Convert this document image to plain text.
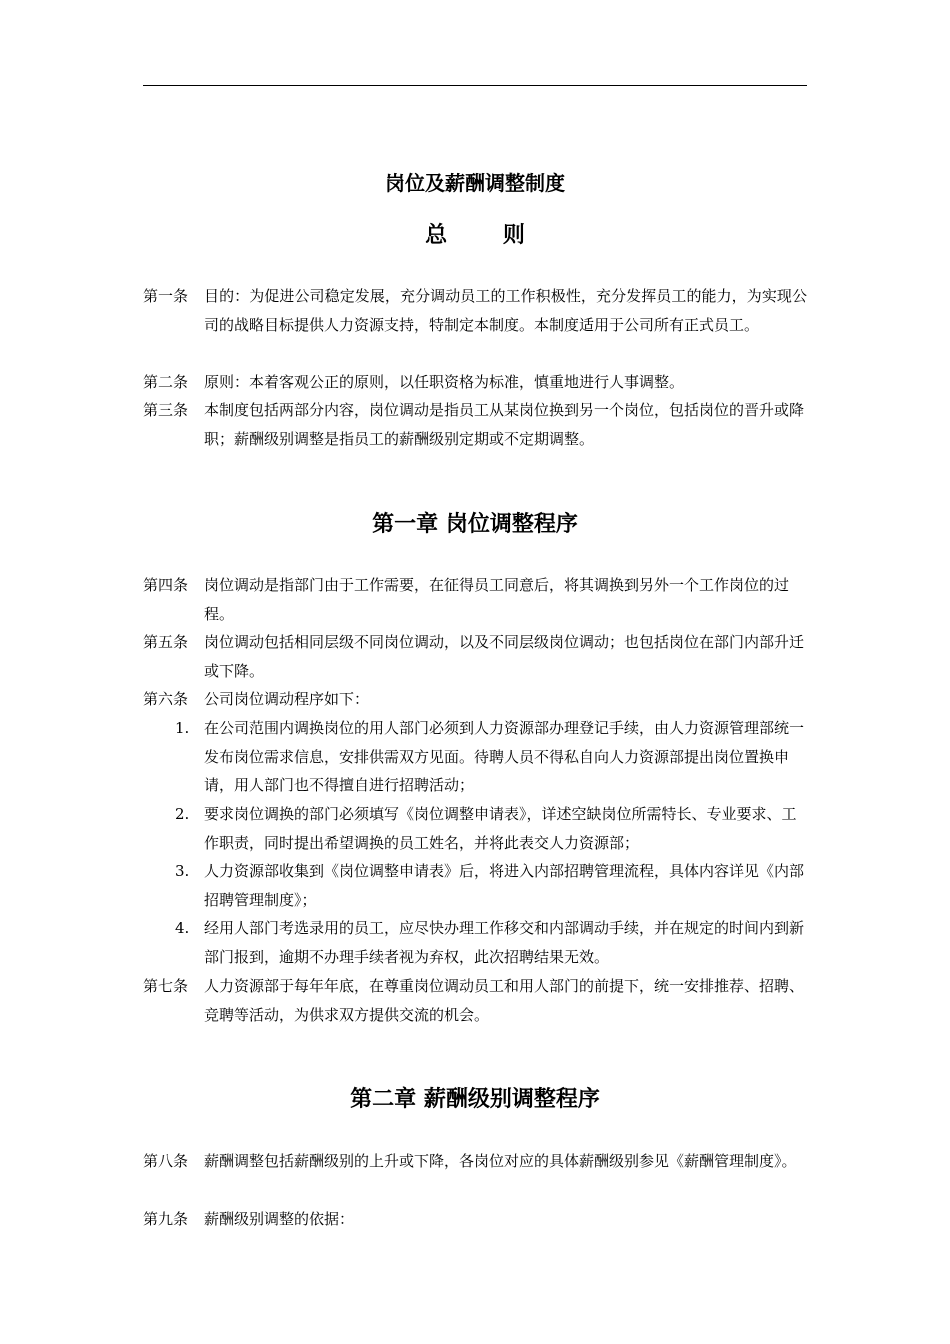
岗位及薪酬调整制度
总 则
第一条 目的：为促进公司稳定发展，充分调动员工的工作积极性，充分发挥员工的能力，为实现公司的战略目标提供人力资源支持，特制定本制度。本制度适用于公司所有正式员工。
第二条 原则：本着客观公正的原则，以任职资格为标准，慎重地进行人事调整。
第三条 本制度包括两部分内容，岗位调动是指员工从某岗位换到另一个岗位，包括岗位的晋升或降职；薪酬级别调整是指员工的薪酬级别定期或不定期调整。
第一章 岗位调整程序
第四条 岗位调动是指部门由于工作需要，在征得员工同意后，将其调换到另外一个工作岗位的过程。
第五条 岗位调动包括相同层级不同岗位调动，以及不同层级岗位调动；也包括岗位在部门内部升迁或下降。
第六条 公司岗位调动程序如下：
1. 在公司范围内调换岗位的用人部门必须到人力资源部办理登记手续，由人力资源管理部统一发布岗位需求信息，安排供需双方见面。待聘人员不得私自向人力资源部提出岗位置换申请，用人部门也不得擅自进行招聘活动；
2. 要求岗位调换的部门必须填写《岗位调整申请表》，详述空缺岗位所需特长、专业要求、工作职责，同时提出希望调换的员工姓名，并将此表交人力资源部；
3. 人力资源部收集到《岗位调整申请表》后，将进入内部招聘管理流程，具体内容详见《内部招聘管理制度》；
4. 经用人部门考选录用的员工，应尽快办理工作移交和内部调动手续，并在规定的时间内到新部门报到，逾期不办理手续者视为弃权，此次招聘结果无效。
第七条 人力资源部于每年年底，在尊重岗位调动员工和用人部门的前提下，统一安排推荐、招聘、竞聘等活动，为供求双方提供交流的机会。
第二章 薪酬级别调整程序
第八条 薪酬调整包括薪酬级别的上升或下降，各岗位对应的具体薪酬级别参见《薪酬管理制度》。
第九条 薪酬级别调整的依据：
